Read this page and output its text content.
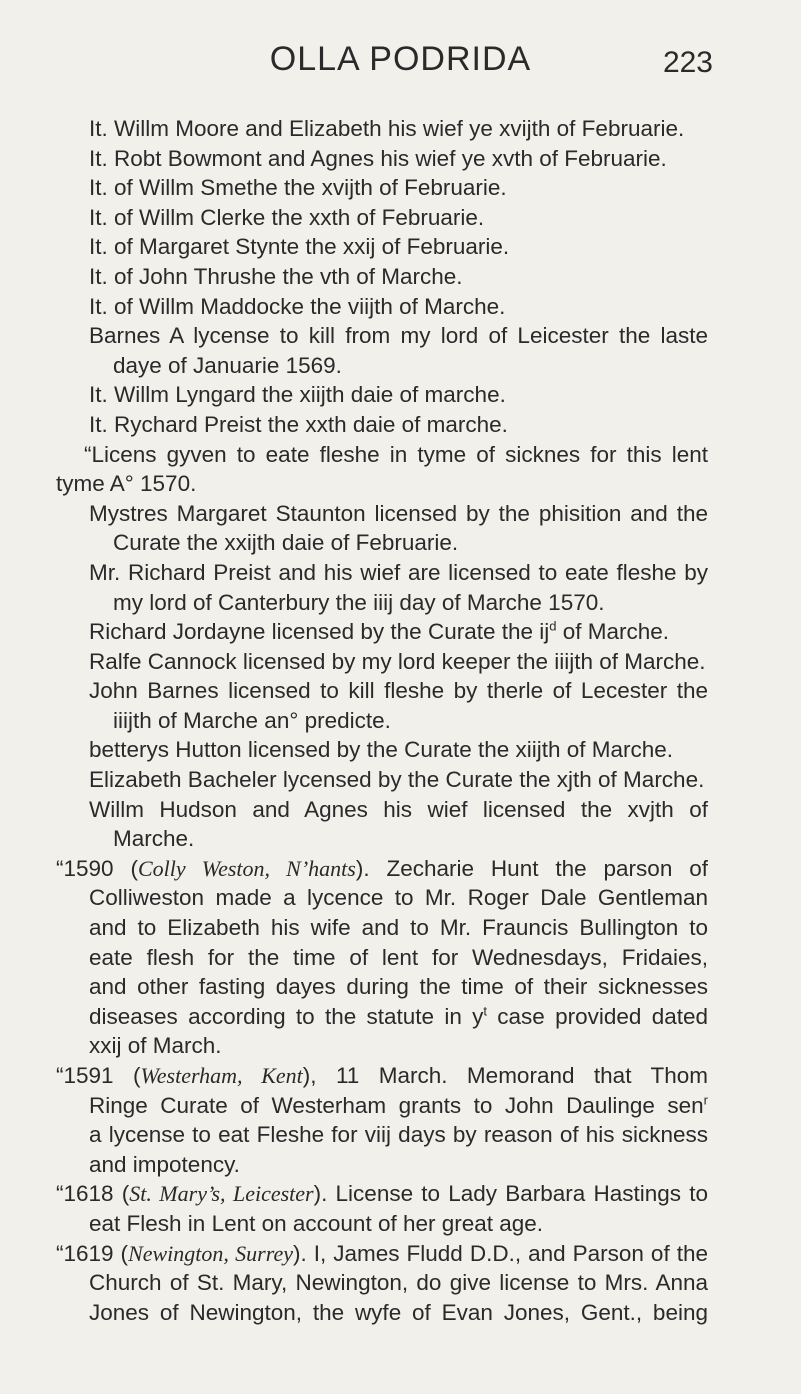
OLLA PODRIDA	223
It. Willm Moore and Elizabeth his wief ye xvijth of Februarie.
It. Robt Bowmont and Agnes his wief ye xvth of Februarie.
It. of Willm Smethe the xvijth of Februarie.
It. of Willm Clerke the xxth of Februarie.
It. of Margaret Stynte the xxij of Februarie.
It. of John Thrushe the vth of Marche.
It. of Willm Maddocke the viijth of Marche.
Barnes A lycense to kill from my lord of Leicester the laste
daye of Januarie 1569.
It. Willm Lyngard the xiijth daie of marche.
It. Rychard Preist the xxth daie of marche.
“Licens gyven to eate fleshe in tyme of sicknes for this lent
tyme A° 1570.
Mystres Margaret Staunton licensed by the phisition and the
Curate the xxijth daie of Februarie.
Mr. Richard Preist and his wief are licensed to eate fleshe by
my lord of Canterbury the iiij day of Marche 1570.
Richard Jordayne licensed by the Curate the $ij^d$ of Marche.
Ralfe Cannock licensed by my lord keeper the iiijth of Marche.
John Barnes licensed to kill fleshe by therle of Lecester the
iiijth of Marche an° predicte.
betterys Hutton licensed by the Curate the xiijth of Marche.
Elizabeth Bacheler lycensed by the Curate the xjth of Marche.
Willm Hudson and Agnes his wief licensed the xvjth of
Marche.
“1590 (Colly Weston, N’hants). Zecharie Hunt the parson of
Colliweston made a lycence to Mr. Roger Dale Gentleman
and to Elizabeth his wife and to Mr. Frauncis Bullington to
eate flesh for the time of lent for Wednesdays, Fridaies,
and other fasting dayes during the time of their sicknesses
diseases according to the statute in $y^t$ case provided dated
xxij of March.
“1591 (Westerham, Kent), 11 March. Memorand that Thom
Ringe Curate of Westerham grants to John Daulinge sen$^r$
a lycense to eat Fleshe for viij days by reason of his sickness
and impotency.
“1618 (St. Mary’s, Leicester). License to Lady Barbara Hastings to
eat Flesh in Lent on account of her great age.
“1619 (Newington, Surrey). I, James Fludd D.D., and Parson of the
Church of St. Mary, Newington, do give license to Mrs. Anna
Jones of Newington, the wyfe of Evan Jones, Gent., being
